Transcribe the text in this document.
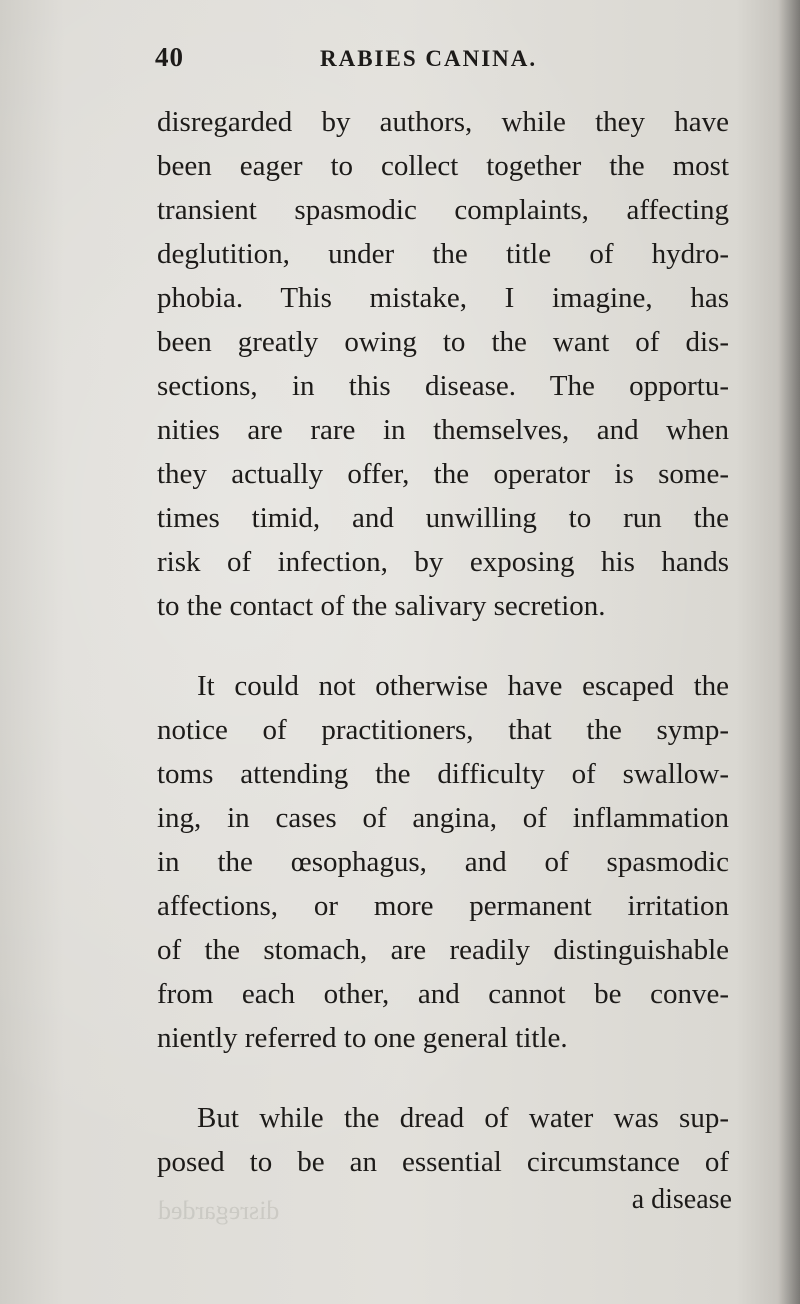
disregarded
40	RABIES CANINA.
disregarded by authors, while they have
been eager to collect together the most
transient spasmodic complaints, affecting
deglutition, under the title of hydro-
phobia. This mistake, I imagine, has
been greatly owing to the want of dis-
sections, in this disease. The opportu-
nities are rare in themselves, and when
they actually offer, the operator is some-
times timid, and unwilling to run the
risk of infection, by exposing his hands
to the contact of the salivary secretion.
It could not otherwise have escaped the
notice of practitioners, that the symp-
toms attending the difficulty of swallow-
ing, in cases of angina, of inflammation
in the œsophagus, and of spasmodic
affections, or more permanent irritation
of the stomach, are readily distinguishable
from each other, and cannot be conve-
niently referred to one general title.
But while the dread of water was sup-
posed to be an essential circumstance of
a disease
